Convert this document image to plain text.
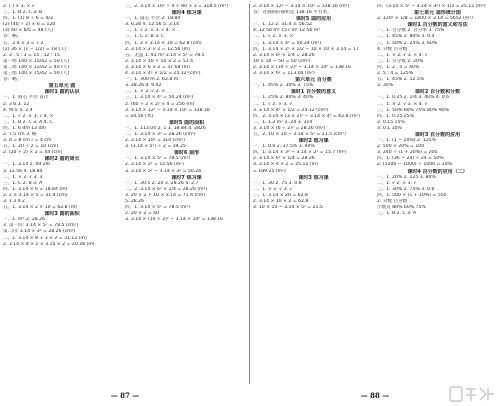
2. ( ) × 3. × √
三、1. B 2. C 3. B
四、1. (1) 8 ÷ 6 = 4/3
(2) (40 ÷ 2) × 6 = 120
(3) 40 × 6/5 = 48 (人)
答：略。
五、2.4 × 3 = 7.2
(2) 36 × (1 − 1/2) = 18 (人)
2. 3 : 5 : 3 = 15 : 12 : 15
第一组 140 × 15/42 = 50 (人)
第二组 140 × 12/42 = 40 (人)
第三组 140 × 15/42 = 50 (人)
答：略。
第五单元 圆
课时1 圆的认识
一、1. 圆心 半径 直径
2. 3 6 3. 12
4. 相等 5. 2 4
二、1. √ 2. × 3. √ 4. ×
三、1. B 2. C 3. A 4. C
四、1. 6 dm 12 dm
2. 7.5 cm 3. 略
3. d = 8 cm r = 4 cm
五、1. 20 ÷ 2 = 10 (cm)
2. (20 + 2) × 2 = 44 (cm)
课时2 圆的周长
一、1. 3.14 2. πd 2πr
3. 12.56 4. 18.84
二、1. × 2. √ 3. ×
三、1. C 2. B 3. A
四、1. 3.14 × 6 = 18.84 (m)
2. 2 × 3.14 × 5 = 31.4 (cm)
3. 1 3 4 2
五、1. 3.14 × 2 × 10 = 62.8 (m)
课时3 圆的面积
一、1. πr² 2. 28.26
3. 第一问: 3.14 × 5² = 78.5 (cm²)
第二问: 3.14 × 3² = 28.26 (cm²)
二、1. 3.14 × 8 + 3 × 2 = 31.12 (m)
2. 3.14 × 4 × 2 × 3.14 × 2 = 20.28 (m)
三、2. 3.14 × 10² ÷ 4 + 80 × 3 = 318.5 (m²)
课时4 练习课
一、1. 扇心 半径 2. 18.84
3. 6.28 4. 12.56 5. 3.14
二、1. √ 2. × 3. √ 4. ×
三、1. C 2. B 3. C
四、1. 2 × 3.14 × 10 = 62.8 (cm)
2. 3.14 × 2 × 2 = 12.56 (m)
五、无盖 1. 43 m² 3.14 × 5² = 78.5
2. 3.14 × 10 + 10 × 2 = 51.4
3. 3.14 × 6 × 2 = 37.68 (m)
4. 3.14 × 4² × 1/2 = 25.12 (cm²)
一、1. 300 m 2. 62.8 m
3. 28.26 4. 9.42
二、1. × 2. √ 3. ×
三、1. 3.14 × 4² = 50.24 (m²)
2. (60 + 2 × 2) × 4 = 256 (m)
3. 3.14 × 12² − 3.14 × 10² = 138.16
= 34.56 (米)
课时5 圆的面积
一、1. 113.04 2. 1 3. 18.84 4. 2826
二、1. 3.14 × 3² = 28.26 (cm²)
2. 3.14 × 10² = 314 (cm²)
3. (3.14 × 5²) ÷ 2 = 39.25
课时6 扇形
一、1. 3.14 × 5² = 78.5 (m²)
2. 3.14 × 2² = 12.56 (m²)
3. 3.14 × 5² − 3.14 × 3² = 50.24
课时7 练习课
一、1. 30.5 2. 20 3. 28.26 4. 2.7
二、2. 3.14 × 6² × 1/4 = 28.26 (m²)
3. 20 × 2 + 10 × 3.14 = 71.4 (cm)
5. 28.26
四、1. 3.14 × 5² = 78.5 (m²)
2. 20 × 2 = 40
3. 3.14 × (10 + 2)² − 3.14 × 10² = 138.16
2. 3.14 × 12² − 3.14 × 10² = 138.16 (m²)
答：这条路的面积是 138.16 平方米。
课时5 圆的应用
一、1. 12 2. 31.4 3. 56.52
4. 12.56 m² 157 m² 12.56 m²
二、1. √ 2. × 3. ×
三、1. 3.14 × 4² = 50.24 (m²)
四、1. 3.14 × 2² × 1/2 − 10 × 10 × 3.14 = 17
2. 3.14 × 6² × 1/4 = 28.26
10 × 10 − 50 = 50 (cm²)
2. 3.14 × (10 + 2)² − 3.14 × 10² = 138.16
3. 3.14 × 6² = 113.04 (m²)
第六单元 百分数
一、1. 45% 2. 30% 3. 75%
课时1 百分数的意义
一、1. 25% 2. 80% 3. 40%
二、1. √ 2. × 3. √
3. 3.14 × 4² × 1/2 = 25.12 (cm²)
四、2. 3.14 × (3 × 2)² − 3.14 × 4² = 62.8 (m²)
二、1. 1.2 m² 2. 24 3. 314
3. 3.14 × (6 ÷ 2)² = 28.26 (m²)
五、2. 10 × 10 − 3.14 × 5² = 21.5 (cm²)
课时2 练习课
一、1. 0.6 2. 37.5% 3. 40%
四、1. 3.14 × 3² − 3.14 × 2² = 15.7 (m²)
2. 3.14 × 6² × 1/4 = 28.26
3. 3.14 × 4 × 2 = 25.12 (m)
= 189.25 (m²)
课时3 练习课
一、1. 30 2. 75 3. 0.8
二、1. × 2. √ 3. √
三、1. 3.14 × 20 = 62.8
2. 3.14 × 10 × 2 = 62.8
3. 10 × 10 − 3.14 × 5² = 21.5
四、(3.14 × 5² − 3.14 × 3²) × 1/2 = 25.12 (m²)
第七单元 扇形统计图
2. 120² × 1/8 = 1800 × 3.14 = 5652 (m²)
课时1 百分数的意义和写法
一、1. 百分数 2. 百分率 3. 75%
二、1. 45% 2. 80% 3. 0.4
三、1. 50% 2. 25% 3. 60%
4. 分数 百分数
二、1. × 2. √ 3. × 4. √
三、1. 百分数 2. 20%
四、1. 2 : 5 = 40%
2. 5 : 4 = 125%
五、1. 45% 2. 12.5%
3. 30%
课时2 百分数和分数
一、1. 0.25 2. 1/4 3. 40% 4. 0.6
二、1. × 2. √ 3. × 4. √
三、1. 50% 60% 75% 80% 90%
四、1. 0.25 25%
2. 0.15 15%
3. 0.1 10%
课时3 百分数的应用
一、1. (1 − 20%) 2. 125%
2. 500 × 20% = 100
3. 240 ÷ (1 + 20%) = 200
四、1. (36 − 24) ÷ 24 = 50%
2. (1200 − 1000) ÷ 1000 = 20%
课时4 百分数的应用（二）
一、1. 20% 2. 125 3. 80%
二、1. √ 2. × 3. √
三、1. 30% 2. 75% 3. 0.6
四、1. 500 × (1 + 10%) = 550
2. 分数 百分数
小数点 80% 60% 75%
三、1. B 2. C 3. A
— 87 —	— 88 —
